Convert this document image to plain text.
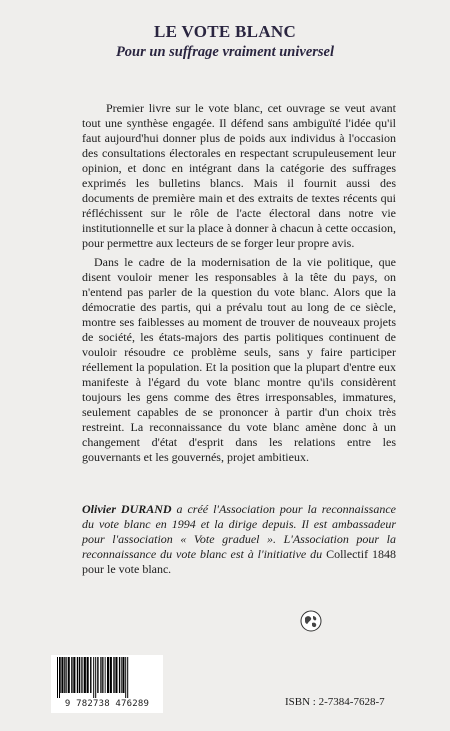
LE VOTE BLANC
Pour un suffrage vraiment universel

Premier livre sur le vote blanc, cet ouvrage se veut avant tout une synthèse engagée. Il défend sans ambiguïté l'idée qu'il faut aujourd'hui donner plus de poids aux individus à l'occasion des consultations électorales en respectant scrupuleusement leur opinion, et donc en intégrant dans la catégorie des suffrages exprimés les bulletins blancs. Mais il fournit aussi des documents de première main et des extraits de textes récents qui réfléchissent sur le rôle de l'acte électoral dans notre vie institutionnelle et sur la place à donner à chacun à cette occasion, pour permettre aux lecteurs de se forger leur propre avis.

Dans le cadre de la modernisation de la vie politique, que disent vouloir mener les responsables à la tête du pays, on n'entend pas parler de la question du vote blanc. Alors que la démocratie des partis, qui a prévalu tout au long de ce siècle, montre ses faiblesses au moment de trouver de nouveaux projets de société, les états-majors des partis politiques continuent de vouloir résoudre ce problème seuls, sans y faire participer réellement la population. Et la position que la plupart d'entre eux manifeste à l'égard du vote blanc montre qu'ils considèrent toujours les gens comme des êtres irresponsables, immatures, seulement capables de se prononcer à partir d'un choix très restreint. La reconnaissance du vote blanc amène donc à un changement d'état d'esprit dans les relations entre les gouvernants et les gouvernés, projet ambitieux.

Olivier DURAND a créé l'Association pour la reconnaissance du vote blanc en 1994 et la dirige depuis. Il est ambassadeur pour l'association « Vote graduel ». L'Association pour la reconnaissance du vote blanc est à l'initiative du Collectif 1848 pour le vote blanc.

9 782738 476289	ISBN : 2-7384-7628-7
